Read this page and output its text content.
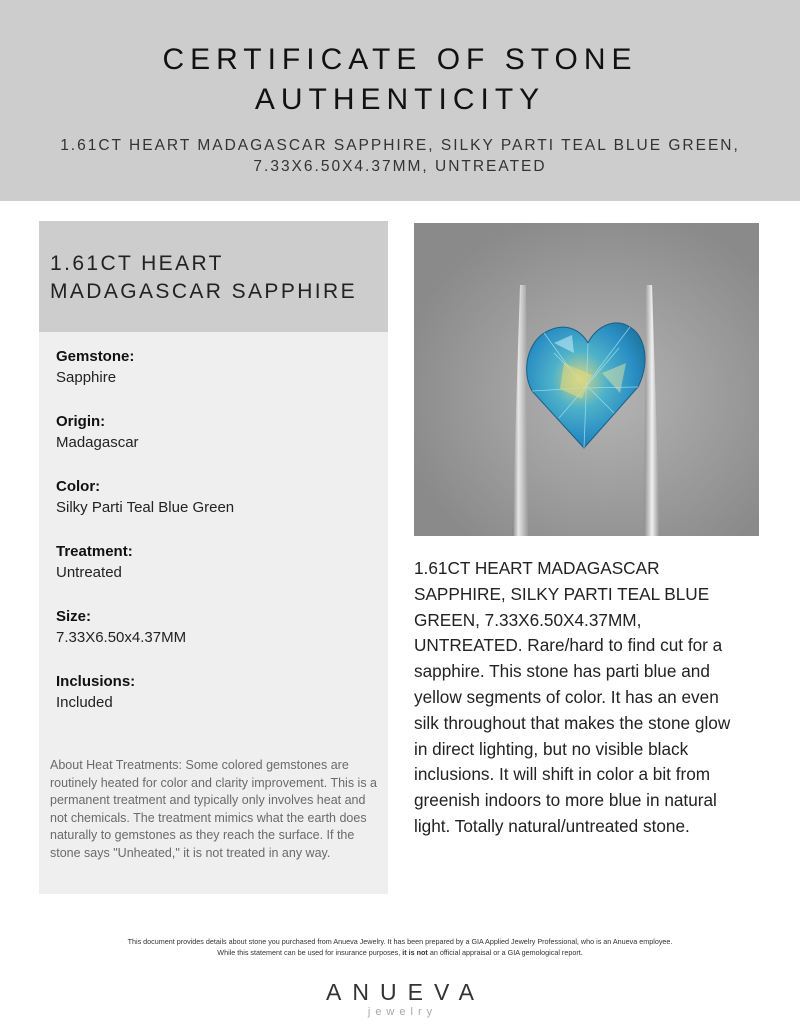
CERTIFICATE OF STONE
AUTHENTICITY

1.61CT HEART MADAGASCAR SAPPHIRE, SILKY PARTI TEAL BLUE GREEN,
7.33X6.50X4.37MM, UNTREATED

1.61CT HEART
MADAGASCAR SAPPHIRE
Gemstone:
Sapphire
Origin:
Madagascar
Color:
Silky Parti Teal Blue Green
Treatment:
Untreated
Size:
7.33X6.50x4.37MM
Inclusions:
Included
About Heat Treatments: Some colored gemstones are routinely heated for color and clarity improvement. This is a permanent treatment and typically only involves heat and not chemicals. The treatment mimics what the earth does naturally to gemstones as they reach the surface. If the stone says "Unheated," it is not treated in any way.
1.61CT HEART MADAGASCAR SAPPHIRE, SILKY PARTI TEAL BLUE GREEN, 7.33X6.50X4.37MM, UNTREATED. Rare/hard to find cut for a sapphire. This stone has parti blue and yellow segments of color. It has an even silk throughout that makes the stone glow in direct lighting, but no visible black inclusions. It will shift in color a bit from greenish indoors to more blue in natural light. Totally natural/untreated stone.
This document provides details about stone you purchased from Anueva Jewelry. It has been prepared by a GIA Applied Jewelry Professional, who is an Anueva employee.
While this statement can be used for insurance purposes, it is not an official appraisal or a GIA gemological report.
ANUEVA
jewelry
